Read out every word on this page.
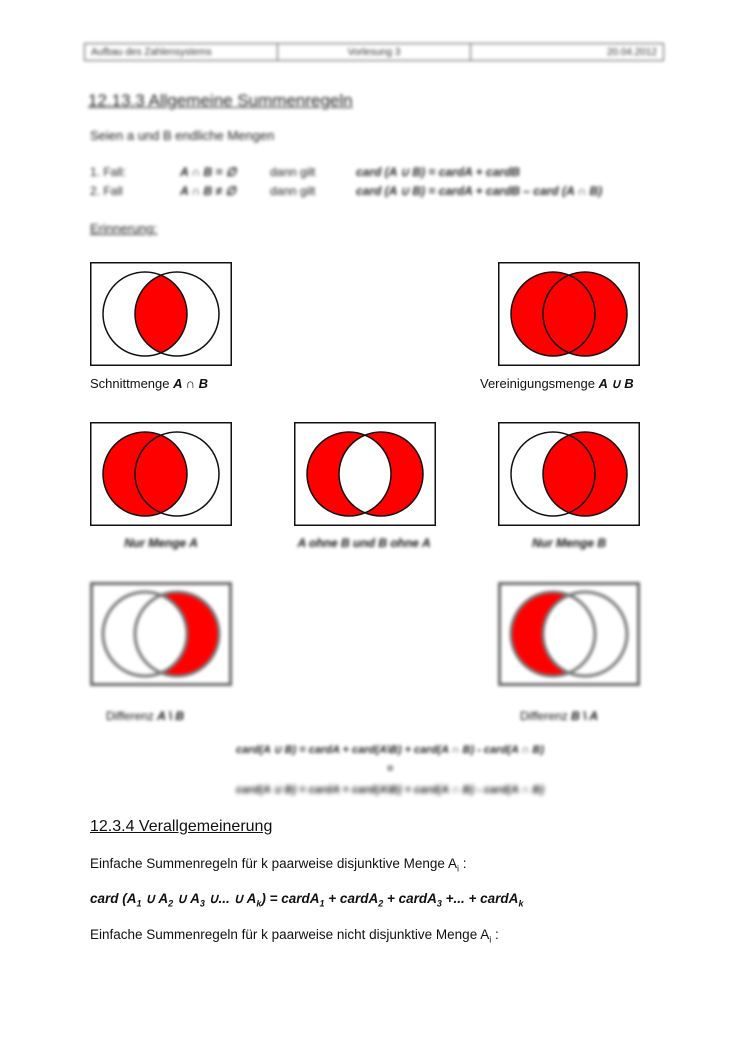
Aufbau des Zahlensystems	Vorlesung 3	20.04.2012
12.13.3 Allgemeine Summenregeln
Seien a und B endliche Mengen
1. Fall:	A ∩ B = ∅	dann gilt	card (A ∪ B) = cardA + cardB
2. Fall	A ∩ B ≠ ∅	dann gilt	card (A ∪ B) = cardA + cardB – card (A ∩ B)
Erinnerung:
Schnittmenge A ∩ B	Vereinigungsmenge A ∪ B
Nur Menge A	A ohne B und B ohne A	Nur Menge B
Differenz A \ B	Differenz B \ A
card(A ∪ B) = cardA + card(A\B) + card(A ∩ B) - card(A ∩ B)
=
card(A ∪ B) = cardA + card(A\B) + card(A ∩ B) - card(A ∩ B)
12.3.4 Verallgemeinerung
Einfache Summenregeln für k paarweise disjunktive Menge $A_i$ :
card ($A_1$ ∪ $A_2$ ∪ $A_3$ ∪... ∪ $A_k$) = cardA$_1$ + cardA$_2$ + cardA$_3$ +... + cardA$_k$
Einfache Summenregeln für k paarweise nicht disjunktive Menge $A_i$ :
